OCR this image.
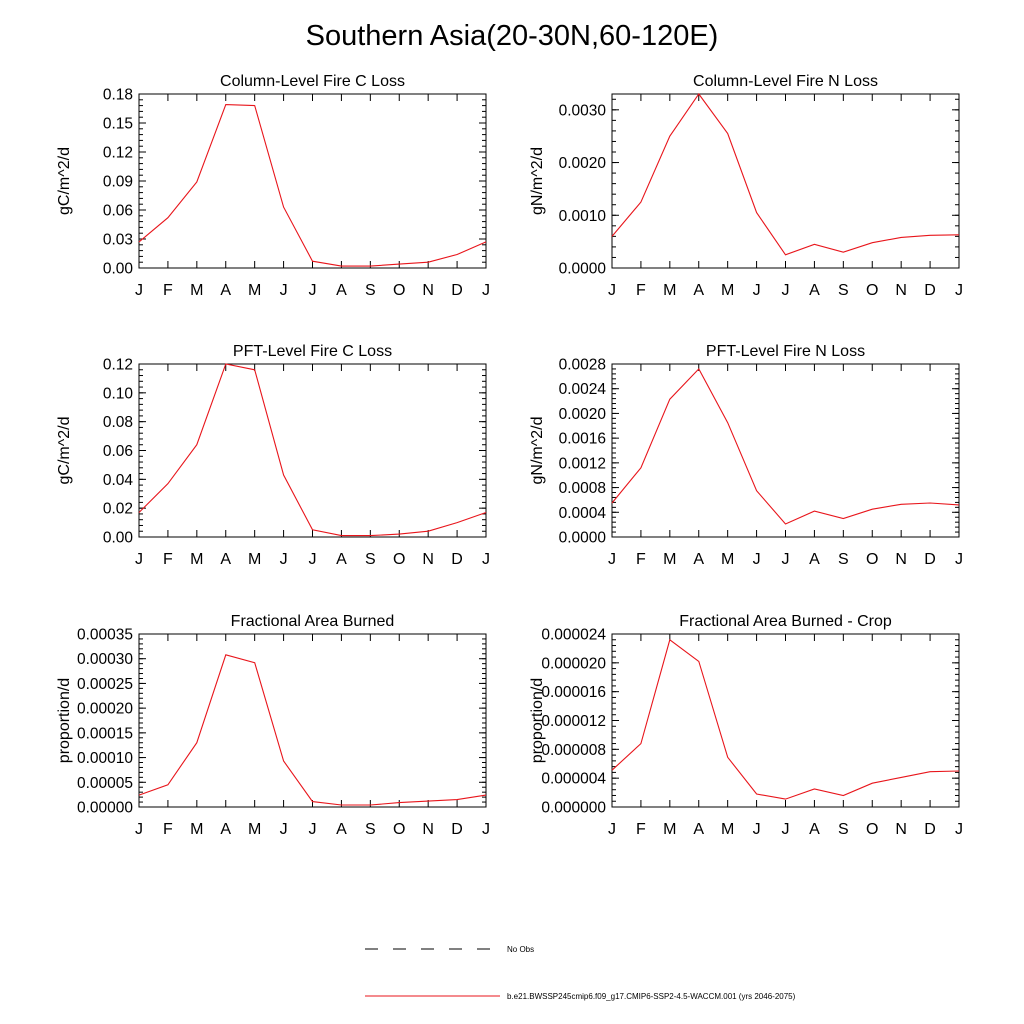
Southern Asia(20-30N,60-120E)
Column-Level Fire C Loss
gC/m^2/d
0.00
0.03
0.06
0.09
0.12
0.15
0.18
J F M A M J J A S O N D J
Column-Level Fire N Loss
gN/m^2/d
0.0000
0.0010
0.0020
0.0030
J F M A M J J A S O N D J
PFT-Level Fire C Loss
gC/m^2/d
0.00
0.02
0.04
0.06
0.08
0.10
0.12
J F M A M J J A S O N D J
PFT-Level Fire N Loss
gN/m^2/d
0.0000
0.0004
0.0008
0.0012
0.0016
0.0020
0.0024
0.0028
J F M A M J J A S O N D J
Fractional Area Burned
proportion/d
0.00000
0.00005
0.00010
0.00015
0.00020
0.00025
0.00030
0.00035
J F M A M J J A S O N D J
Fractional Area Burned - Crop
proportion/d
0.000000
0.000004
0.000008
0.000012
0.000016
0.000020
0.000024
J F M A M J J A S O N D J
No Obs
b.e21.BWSSP245cmip6.f09_g17.CMIP6-SSP2-4.5-WACCM.001 (yrs 2046-2075)
